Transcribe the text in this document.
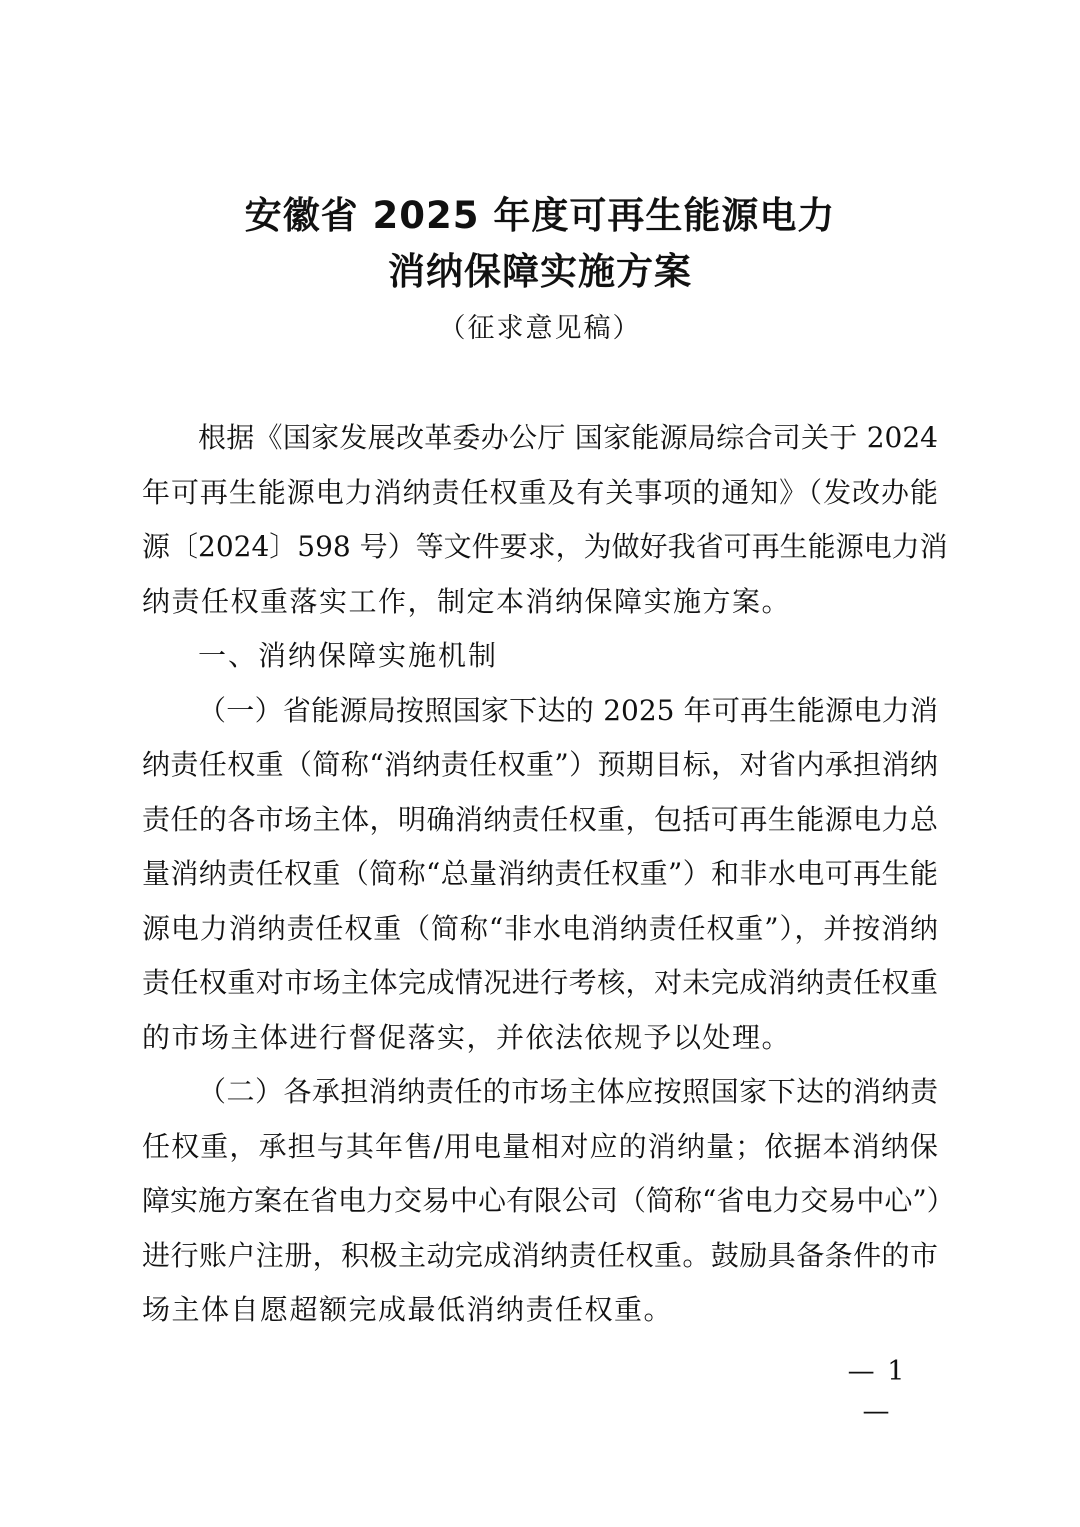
安徽省 2025 年度可再生能源电力
消纳保障实施方案
（征求意见稿）
根据《国家发展改革委办公厅 国家能源局综合司关于 2024
年可再生能源电力消纳责任权重及有关事项的通知》（发改办能
源〔2024〕598 号）等文件要求，为做好我省可再生能源电力消
纳责任权重落实工作，制定本消纳保障实施方案。
一、消纳保障实施机制
（一）省能源局按照国家下达的 2025 年可再生能源电力消
纳责任权重（简称“消纳责任权重”）预期目标，对省内承担消纳
责任的各市场主体，明确消纳责任权重，包括可再生能源电力总
量消纳责任权重（简称“总量消纳责任权重”）和非水电可再生能
源电力消纳责任权重（简称“非水电消纳责任权重”），并按消纳
责任权重对市场主体完成情况进行考核，对未完成消纳责任权重
的市场主体进行督促落实，并依法依规予以处理。
（二）各承担消纳责任的市场主体应按照国家下达的消纳责
任权重，承担与其年售/用电量相对应的消纳量；依据本消纳保
障实施方案在省电力交易中心有限公司（简称“省电力交易中心”）
进行账户注册，积极主动完成消纳责任权重。鼓励具备条件的市
场主体自愿超额完成最低消纳责任权重。
— 1 —
